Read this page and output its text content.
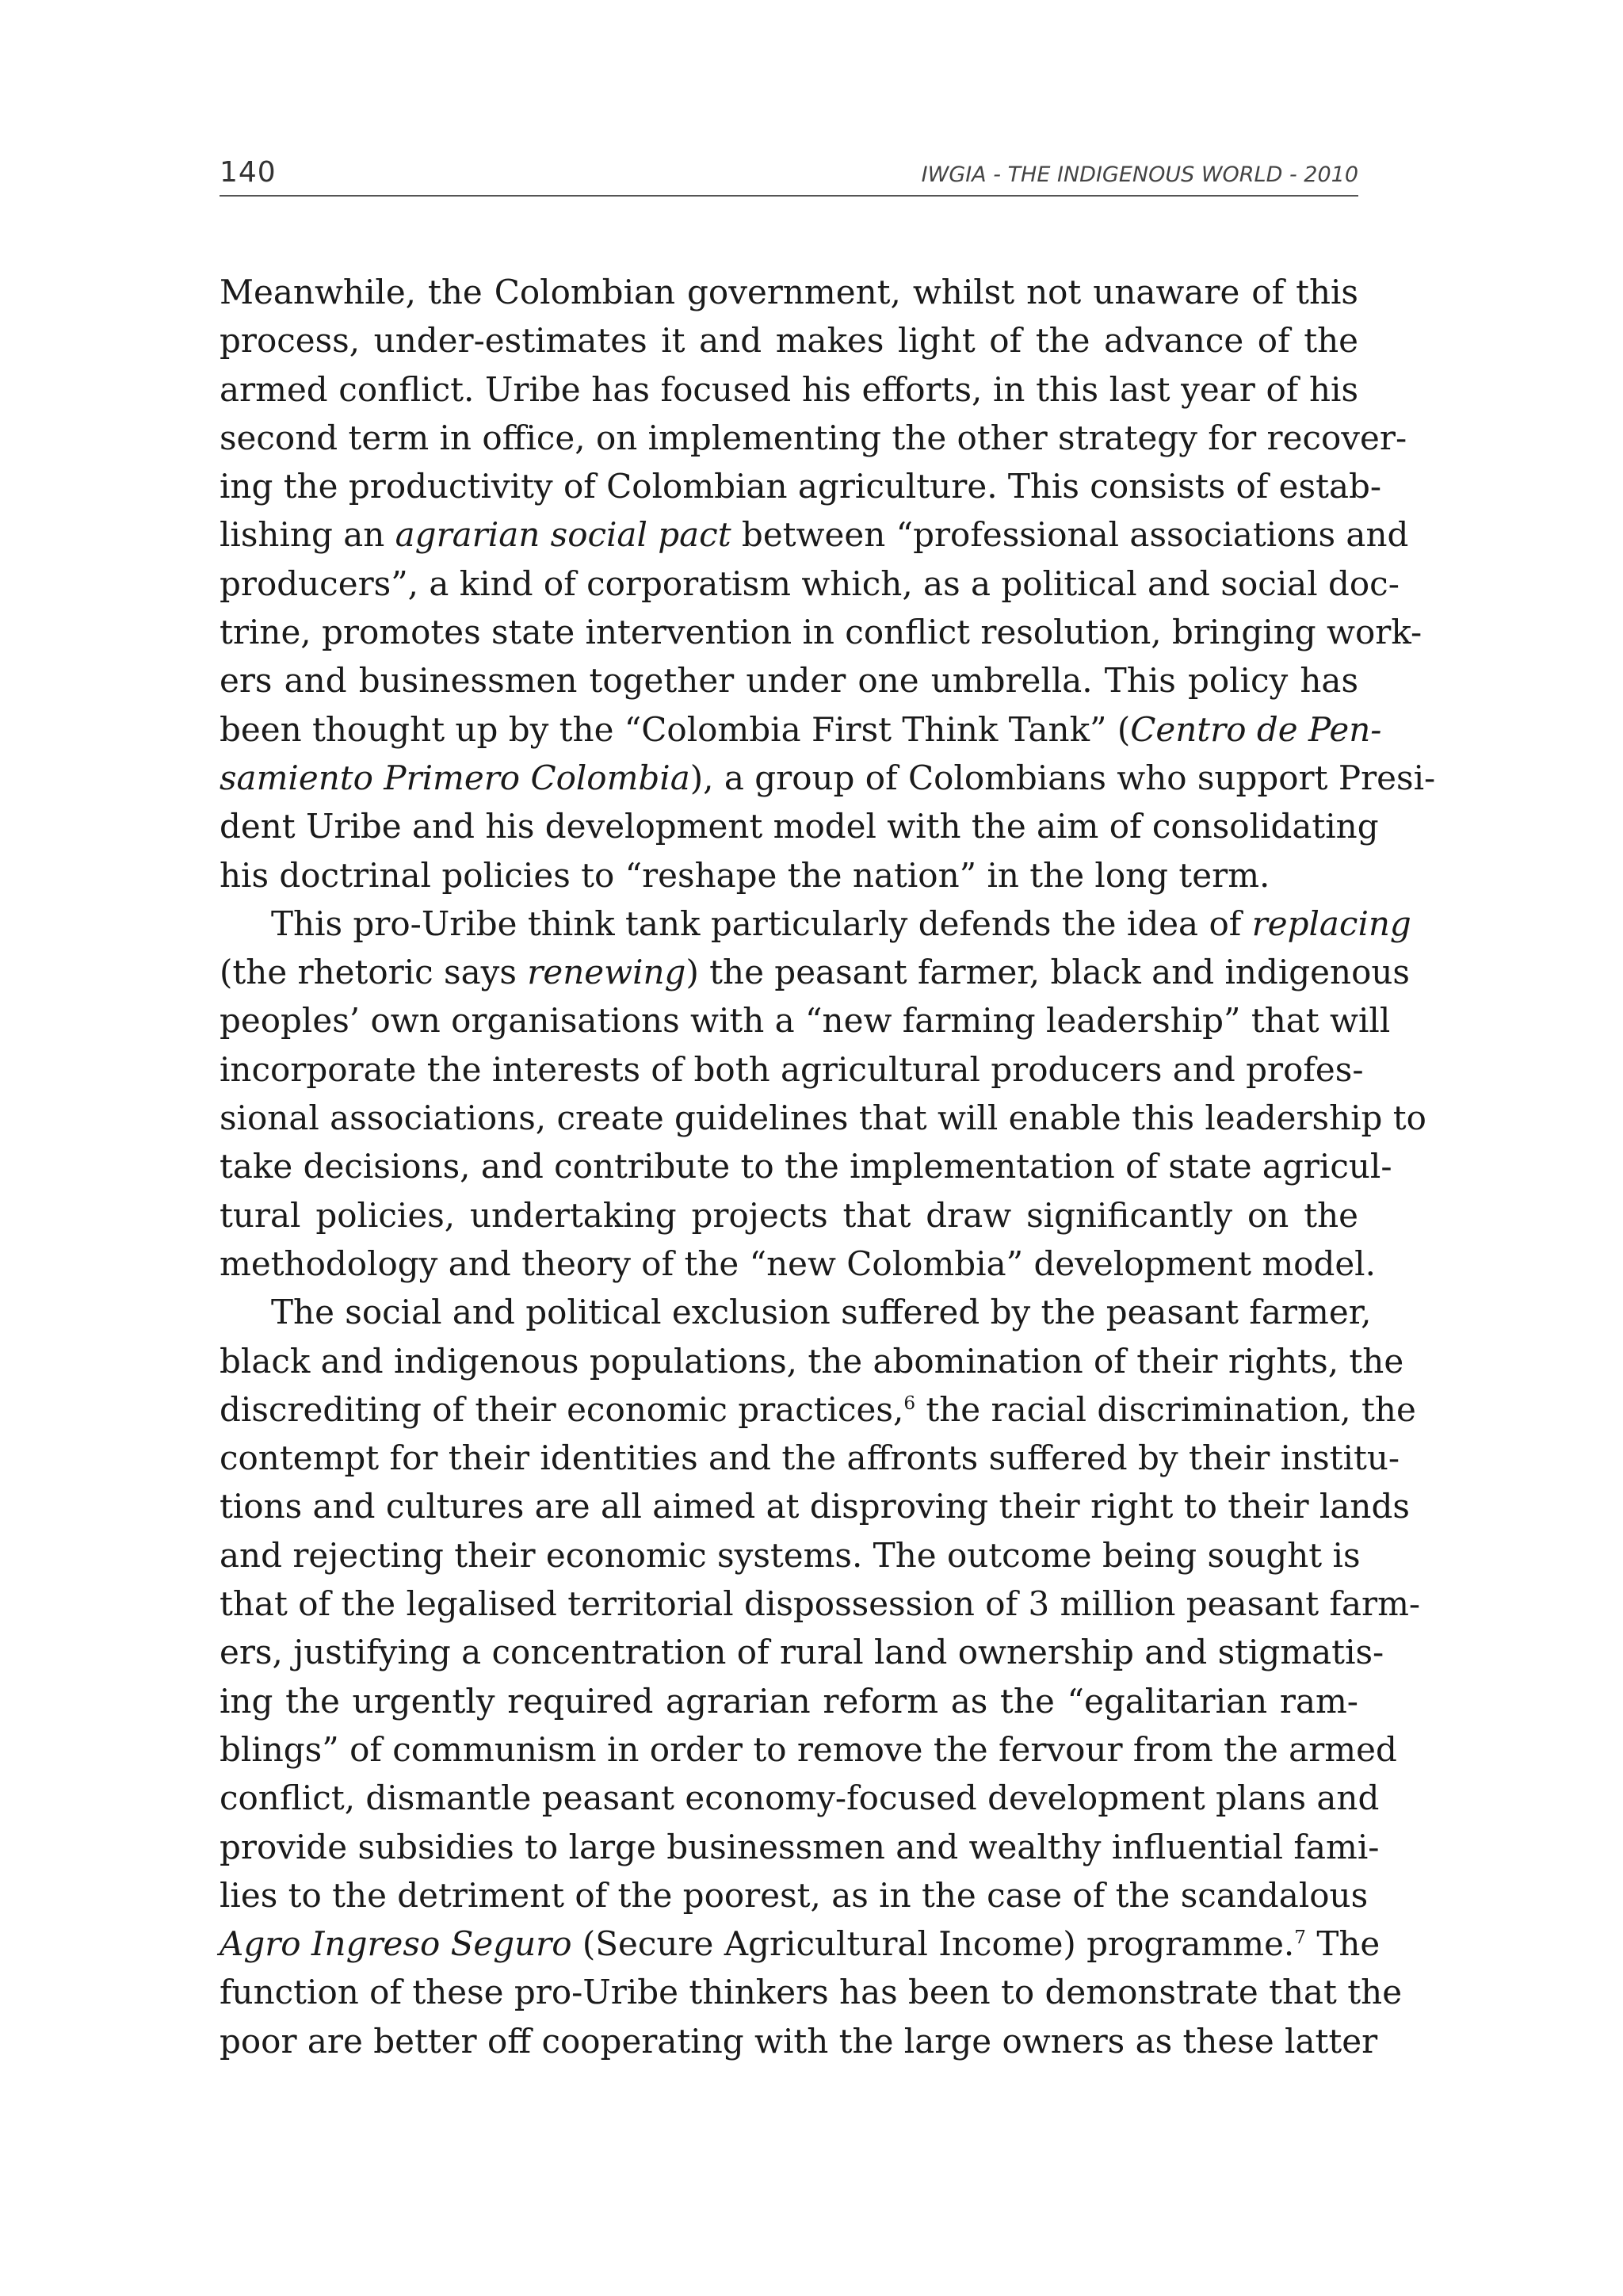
140	IWGIA - THE INDIGENOUS WORLD - 2010
Meanwhile, the Colombian government, whilst not unaware of this
process, under-estimates it and makes light of the advance of the
armed conflict. Uribe has focused his efforts, in this last year of his
second term in office, on implementing the other strategy for recover-
ing the productivity of Colombian agriculture. This consists of estab-
lishing an agrarian social pact between “professional associations and
producers”, a kind of corporatism which, as a political and social doc-
trine, promotes state intervention in conflict resolution, bringing work-
ers and businessmen together under one umbrella. This policy has
been thought up by the “Colombia First Think Tank” (Centro de Pen-
samiento Primero Colombia), a group of Colombians who support Presi-
dent Uribe and his development model with the aim of consolidating
his doctrinal policies to “reshape the nation” in the long term.
This pro-Uribe think tank particularly defends the idea of replacing
(the rhetoric says renewing) the peasant farmer, black and indigenous
peoples’ own organisations with a “new farming leadership” that will
incorporate the interests of both agricultural producers and profes-
sional associations, create guidelines that will enable this leadership to
take decisions, and contribute to the implementation of state agricul-
tural policies, undertaking projects that draw significantly on the
methodology and theory of the “new Colombia” development model.
The social and political exclusion suffered by the peasant farmer,
black and indigenous populations, the abomination of their rights, the
discrediting of their economic practices,$^6$ the racial discrimination, the
contempt for their identities and the affronts suffered by their institu-
tions and cultures are all aimed at disproving their right to their lands
and rejecting their economic systems. The outcome being sought is
that of the legalised territorial dispossession of 3 million peasant farm-
ers, justifying a concentration of rural land ownership and stigmatis-
ing the urgently required agrarian reform as the “egalitarian ram-
blings” of communism in order to remove the fervour from the armed
conflict, dismantle peasant economy-focused development plans and
provide subsidies to large businessmen and wealthy influential fami-
lies to the detriment of the poorest, as in the case of the scandalous
Agro Ingreso Seguro (Secure Agricultural Income) programme.$^7$ The
function of these pro-Uribe thinkers has been to demonstrate that the
poor are better off cooperating with the large owners as these latter
